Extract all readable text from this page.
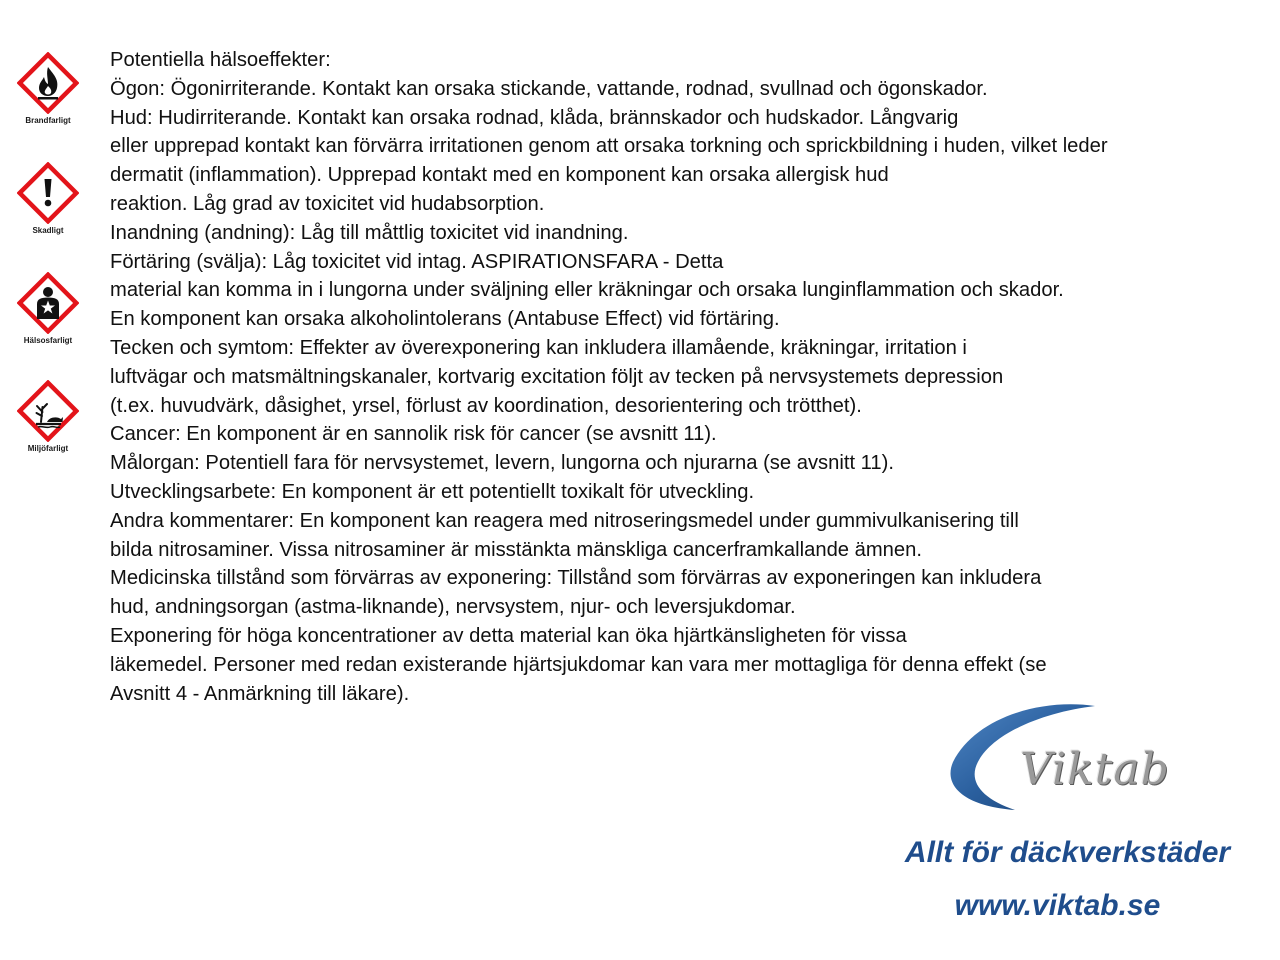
Brandfarligt
Skadligt
Hälsosfarligt
Miljöfarligt
Potentiella hälsoeffekter:
Ögon: Ögonirriterande. Kontakt kan orsaka stickande, vattande, rodnad, svullnad och ögonskador.
Hud: Hudirriterande. Kontakt kan orsaka rodnad, klåda, brännskador och hudskador. Långvarig
eller upprepad kontakt kan förvärra irritationen genom att orsaka torkning och sprickbildning i huden, vilket leder
dermatit (inflammation). Upprepad kontakt med en komponent kan orsaka allergisk hud
reaktion. Låg grad av toxicitet vid hudabsorption.
Inandning (andning): Låg till måttlig toxicitet vid inandning.
Förtäring (svälja): Låg toxicitet vid intag. ASPIRATIONSFARA - Detta
material kan komma in i lungorna under sväljning eller kräkningar och orsaka lunginflammation och skador.
En komponent kan orsaka alkoholintolerans (Antabuse Effect) vid förtäring.
Tecken och symtom: Effekter av överexponering kan inkludera illamående, kräkningar, irritation i
luftvägar och matsmältningskanaler, kortvarig excitation följt av tecken på nervsystemets depression
(t.ex. huvudvärk, dåsighet, yrsel, förlust av koordination, desorientering och trötthet).
Cancer: En komponent är en sannolik risk för cancer (se avsnitt 11).
Målorgan: Potentiell fara för nervsystemet, levern, lungorna och njurarna (se avsnitt 11).
Utvecklingsarbete: En komponent är ett potentiellt toxikalt för utveckling.
Andra kommentarer: En komponent kan reagera med nitroseringsmedel under gummivulkanisering till
bilda nitrosaminer. Vissa nitrosaminer är misstänkta mänskliga cancerframkallande ämnen.
Medicinska tillstånd som förvärras av exponering: Tillstånd som förvärras av exponeringen kan inkludera
hud, andningsorgan (astma-liknande), nervsystem, njur- och leversjukdomar.
Exponering för höga koncentrationer av detta material kan öka hjärtkänsligheten för vissa
läkemedel. Personer med redan existerande hjärtsjukdomar kan vara mer mottagliga för denna effekt (se
Avsnitt 4 - Anmärkning till läkare).
Viktab
Allt för däckverkstäder
www.viktab.se
